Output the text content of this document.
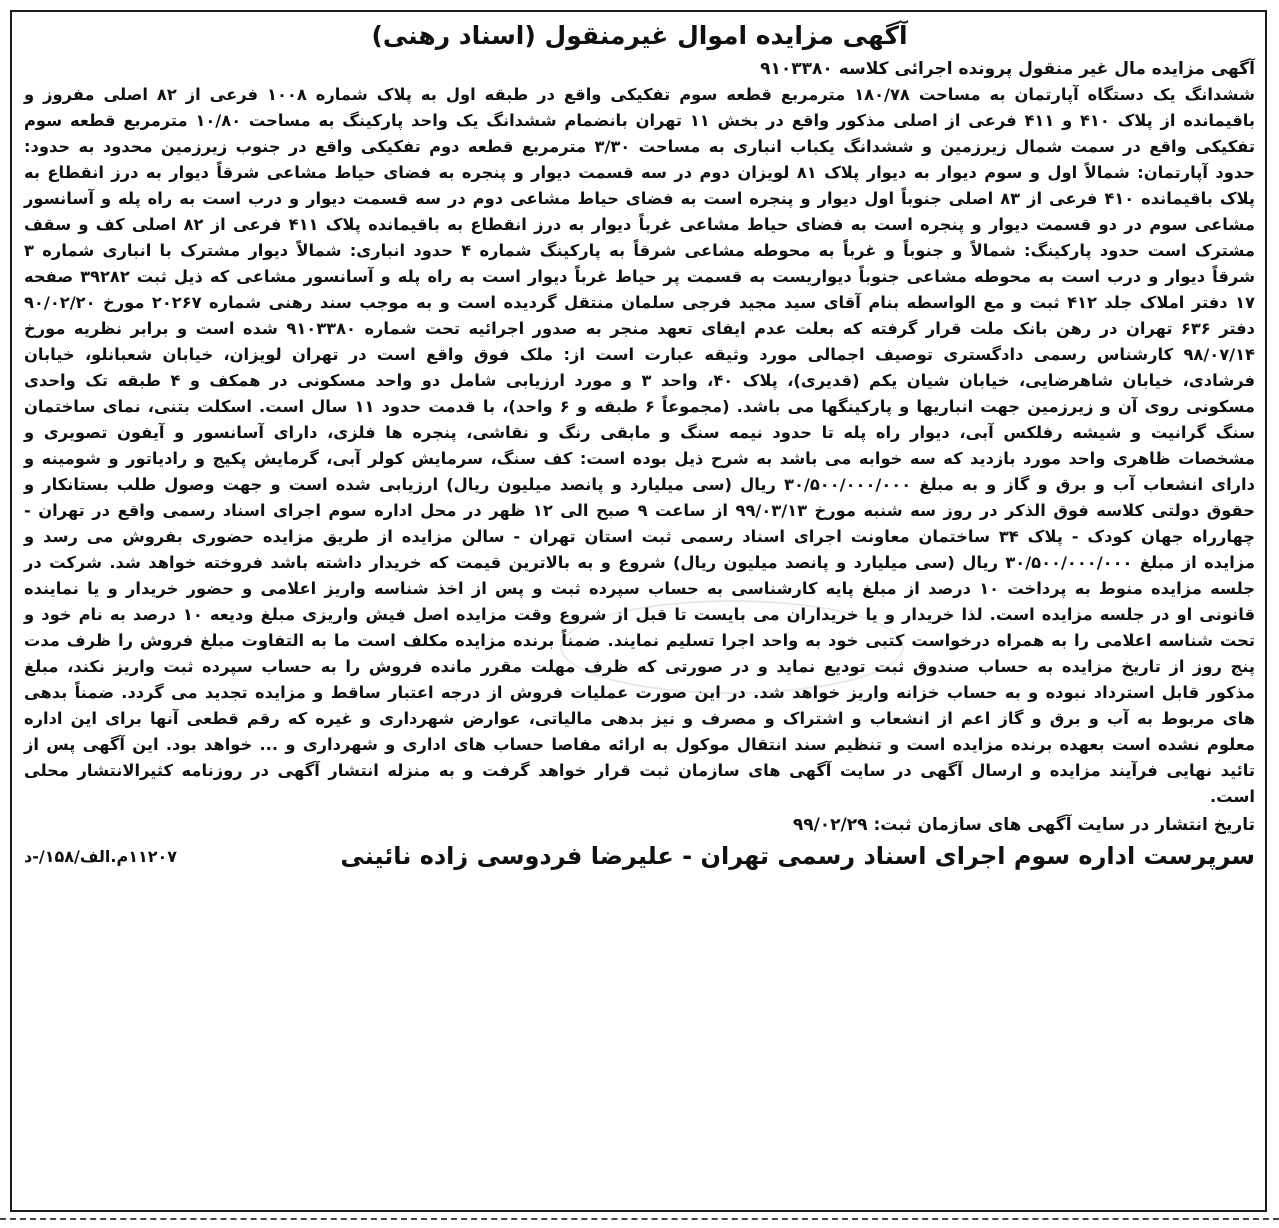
آگهی مزایده اموال غیرمنقول (اسناد رهنی)
آگهی مزایده مال غیر منقول پرونده اجرائی کلاسه ۹۱۰۳۳۸۰
ششدانگ یک دستگاه آپارتمان به مساحت ۱۸۰/۷۸ مترمربع قطعه سوم تفکیکی واقع در طبقه اول به پلاک شماره ۱۰۰۸ فرعی از ۸۲ اصلی مفروز و باقیمانده از پلاک ۴۱۰ و ۴۱۱ فرعی از اصلی مذکور واقع در بخش ۱۱ تهران بانضمام ششدانگ یک واحد پارکینگ به مساحت ۱۰/۸۰ مترمربع قطعه سوم تفکیکی واقع در سمت شمال زیرزمین و ششدانگ یکباب انباری به مساحت ۳/۳۰ مترمربع قطعه دوم تفکیکی واقع در جنوب زیرزمین محدود به حدود: حدود آپارتمان: شمالاً اول و سوم دیوار به دیوار پلاک ۸۱ لویزان دوم در سه قسمت دیوار و پنجره به فضای حیاط مشاعی شرقاً دیوار به درز انقطاع به پلاک باقیمانده ۴۱۰ فرعی از ۸۳ اصلی جنوباً اول دیوار و پنجره است به فضای حیاط مشاعی دوم در سه قسمت دیوار و درب است به راه پله و آسانسور مشاعی سوم در دو قسمت دیوار و پنجره است به فضای حیاط مشاعی غرباً دیوار به درز انقطاع به باقیمانده پلاک ۴۱۱ فرعی از ۸۲ اصلی کف و سقف مشترک است حدود پارکینگ: شمالاً و جنوباً و غرباً به محوطه مشاعی شرقاً به پارکینگ شماره ۴ حدود انباری: شمالاً دیوار مشترک با انباری شماره ۳ شرقاً دیوار و درب است به محوطه مشاعی جنوباً دیواریست به قسمت پر حیاط غرباً دیوار است به راه پله و آسانسور مشاعی که ذیل ثبت ۳۹۲۸۲ صفحه ۱۷ دفتر املاک جلد ۴۱۲ ثبت و مع الواسطه بنام آقای سید مجید فرجی سلمان منتقل گردیده است و به موجب سند رهنی شماره ۲۰۲۶۷ مورخ ۹۰/۰۲/۲۰ دفتر ۶۳۶ تهران در رهن بانک ملت قرار گرفته که بعلت عدم ایفای تعهد منجر به صدور اجرائیه تحت شماره ۹۱۰۳۳۸۰ شده است و برابر نظریه مورخ ۹۸/۰۷/۱۴ کارشناس رسمی دادگستری توصیف اجمالی مورد وثیقه عبارت است از: ملک فوق واقع است در تهران لویزان، خیابان شعبانلو، خیابان فرشادی، خیابان شاهرضایی، خیابان شیان یکم (قدیری)، پلاک ۴۰، واحد ۳ و مورد ارزیابی شامل دو واحد مسکونی در همکف و ۴ طبقه تک واحدی مسکونی روی آن و زیرزمین جهت انباریها و پارکینگها می باشد. (مجموعاً ۶ طبقه و ۶ واحد)، با قدمت حدود ۱۱ سال است. اسکلت بتنی، نمای ساختمان سنگ گرانیت و شیشه رفلکس آبی، دیوار راه پله تا حدود نیمه سنگ و مابقی رنگ و نقاشی، پنجره ها فلزی، دارای آسانسور و آیفون تصویری و مشخصات ظاهری واحد مورد بازدید که سه خوابه می باشد به شرح ذیل بوده است: کف سنگ، سرمایش کولر آبی، گرمایش پکیج و رادیاتور و شومینه و دارای انشعاب آب و برق و گاز و به مبلغ ۳۰/۵۰۰/۰۰۰/۰۰۰ ریال (سی میلیارد و پانصد میلیون ریال) ارزیابی شده است و جهت وصول طلب بستانکار و حقوق دولتی کلاسه فوق الذکر در روز سه شنبه مورخ ۹۹/۰۳/۱۳ از ساعت ۹ صبح الی ۱۲ ظهر در محل اداره سوم اجرای اسناد رسمی واقع در تهران - چهارراه جهان کودک - پلاک ۳۴ ساختمان معاونت اجرای اسناد رسمی ثبت استان تهران - سالن مزایده از طریق مزایده حضوری بفروش می رسد و مزایده از مبلغ ۳۰/۵۰۰/۰۰۰/۰۰۰ ریال (سی میلیارد و پانصد میلیون ریال) شروع و به بالاترین قیمت که خریدار داشته باشد فروخته خواهد شد. شرکت در جلسه مزایده منوط به پرداخت ۱۰ درصد از مبلغ پایه کارشناسی به حساب سپرده ثبت و پس از اخذ شناسه واریز اعلامی و حضور خریدار و یا نماینده قانونی او در جلسه مزایده است. لذا خریدار و یا خریداران می بایست تا قبل از شروع وقت مزایده اصل فیش واریزی مبلغ ودیعه ۱۰ درصد به نام خود و تحت شناسه اعلامی را به همراه درخواست کتبی خود به واحد اجرا تسلیم نمایند. ضمناً برنده مزایده مکلف است ما به التفاوت مبلغ فروش را ظرف مدت پنج روز از تاریخ مزایده به حساب صندوق ثبت تودیع نماید و در صورتی که ظرف مهلت مقرر مانده فروش را به حساب سپرده ثبت واریز نکند، مبلغ مذکور قابل استرداد نبوده و به حساب خزانه واریز خواهد شد. در این صورت عملیات فروش از درجه اعتبار ساقط و مزایده تجدید می گردد. ضمناً بدهی های مربوط به آب و برق و گاز اعم از انشعاب و اشتراک و مصرف و نیز بدهی مالیاتی، عوارض شهرداری و غیره که رقم قطعی آنها برای این اداره معلوم نشده است بعهده برنده مزایده است و تنظیم سند انتقال موکول به ارائه مفاصا حساب های اداری و شهرداری و ... خواهد بود. این آگهی پس از تائید نهایی فرآیند مزایده و ارسال آگهی در سایت آگهی های سازمان ثبت قرار خواهد گرفت و به منزله انتشار آگهی در روزنامه کثیرالانتشار محلی است.
تاریخ انتشار در سایت آگهی های سازمان ثبت: ۹۹/۰۲/۲۹
سرپرست اداره سوم اجرای اسناد رسمی تهران - علیرضا فردوسی زاده نائینی
۱۱۲۰۷م.الف/۱۵۸/-د
